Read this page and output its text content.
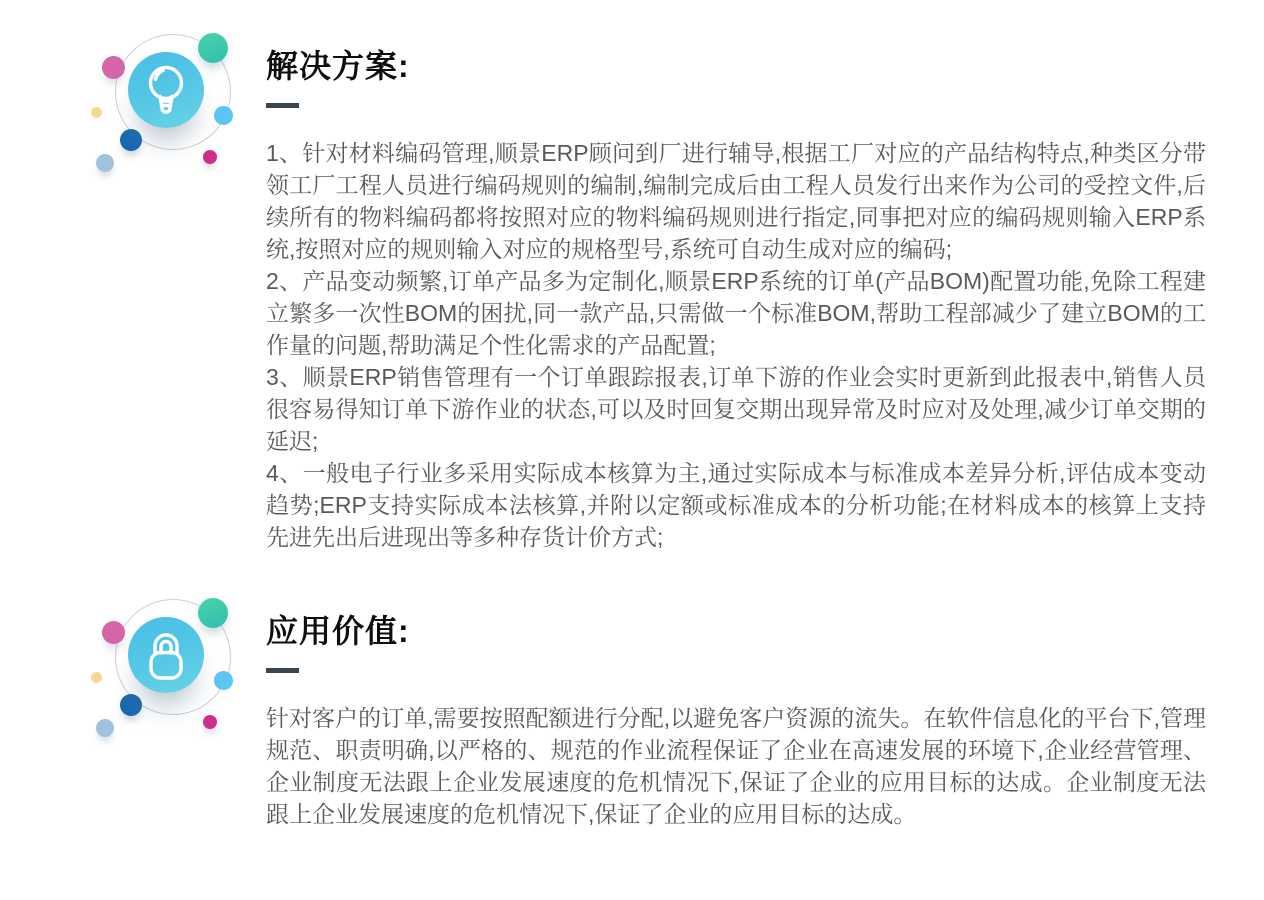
解决方案:

1、针对材料编码管理,顺景ERP顾问到厂进行辅导,根据工厂对应的产品结构特点,种类区分带领工厂工程人员进行编码规则的编制,编制完成后由工程人员发行出来作为公司的受控文件,后续所有的物料编码都将按照对应的物料编码规则进行指定,同事把对应的编码规则输入ERP系统,按照对应的规则输入对应的规格型号,系统可自动生成对应的编码;

2、产品变动频繁,订单产品多为定制化,顺景ERP系统的订单(产品BOM)配置功能,免除工程建立繁多一次性BOM的困扰,同一款产品,只需做一个标准BOM,帮助工程部减少了建立BOM的工作量的问题,帮助满足个性化需求的产品配置;

3、顺景ERP销售管理有一个订单跟踪报表,订单下游的作业会实时更新到此报表中,销售人员很容易得知订单下游作业的状态,可以及时回复交期出现异常及时应对及处理,减少订单交期的延迟;

4、一般电子行业多采用实际成本核算为主,通过实际成本与标准成本差异分析,评估成本变动趋势;ERP支持实际成本法核算,并附以定额或标准成本的分析功能;在材料成本的核算上支持先进先出后进现出等多种存货计价方式;

应用价值:

针对客户的订单,需要按照配额进行分配,以避免客户资源的流失。在软件信息化的平台下,管理规范、职责明确,以严格的、规范的作业流程保证了企业在高速发展的环境下,企业经营管理、企业制度无法跟上企业发展速度的危机情况下,保证了企业的应用目标的达成。企业制度无法跟上企业发展速度的危机情况下,保证了企业的应用目标的达成。
